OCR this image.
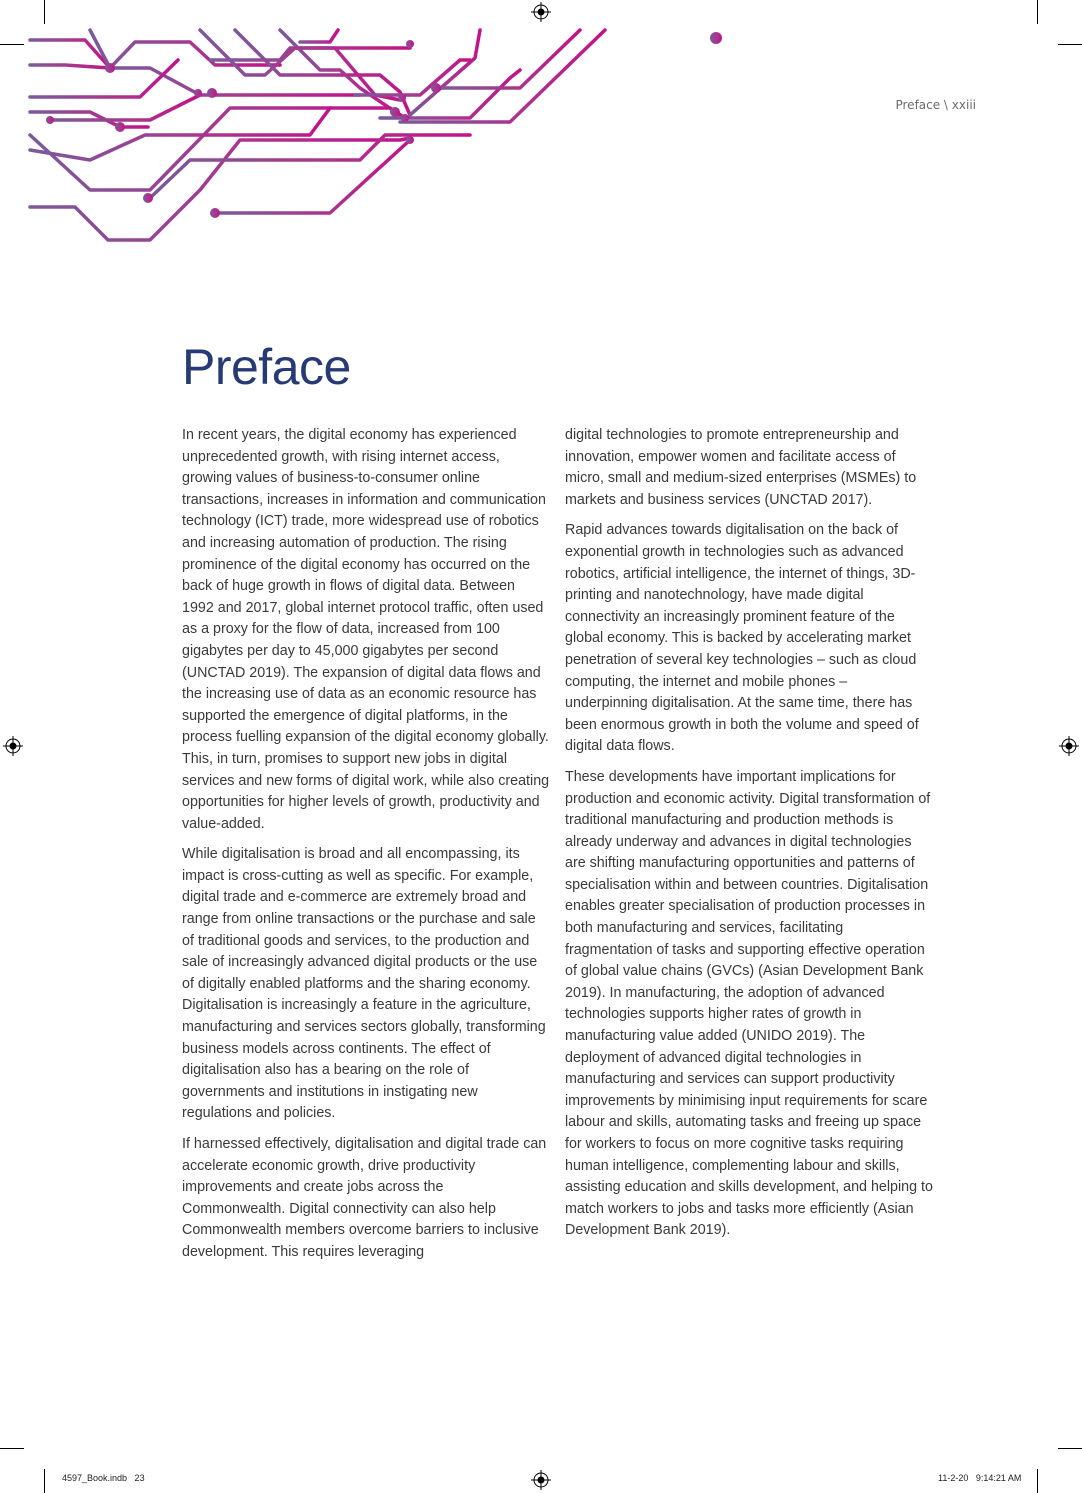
Preface \ xxiii
Preface

In recent years, the digital economy has experienced unprecedented growth, with rising internet access, growing values of business-to-consumer online transactions, increases in information and communication technology (ICT) trade, more widespread use of robotics and increasing automation of production. The rising prominence of the digital economy has occurred on the back of huge growth in flows of digital data. Between 1992 and 2017, global internet protocol traffic, often used as a proxy for the flow of data, increased from 100 gigabytes per day to 45,000 gigabytes per second (UNCTAD 2019). The expansion of digital data flows and the increasing use of data as an economic resource has supported the emergence of digital platforms, in the process fuelling expansion of the digital economy globally. This, in turn, promises to support new jobs in digital services and new forms of digital work, while also creating opportunities for higher levels of growth, productivity and value-added.

While digitalisation is broad and all encompassing, its impact is cross-cutting as well as specific. For example, digital trade and e-commerce are extremely broad and range from online transactions or the purchase and sale of traditional goods and services, to the production and sale of increasingly advanced digital products or the use of digitally enabled platforms and the sharing economy. Digitalisation is increasingly a feature in the agriculture, manufacturing and services sectors globally, transforming business models across continents. The effect of digitalisation also has a bearing on the role of governments and institutions in instigating new regulations and policies.

If harnessed effectively, digitalisation and digital trade can accelerate economic growth, drive productivity improvements and create jobs across the Commonwealth. Digital connectivity can also help Commonwealth members overcome barriers to inclusive development. This requires leveraging

digital technologies to promote entrepreneurship and innovation, empower women and facilitate access of micro, small and medium-sized enterprises (MSMEs) to markets and business services (UNCTAD 2017).

Rapid advances towards digitalisation on the back of exponential growth in technologies such as advanced robotics, artificial intelligence, the internet of things, 3D-printing and nanotechnology, have made digital connectivity an increasingly prominent feature of the global economy. This is backed by accelerating market penetration of several key technologies – such as cloud computing, the internet and mobile phones – underpinning digitalisation. At the same time, there has been enormous growth in both the volume and speed of digital data flows.

These developments have important implications for production and economic activity. Digital transformation of traditional manufacturing and production methods is already underway and advances in digital technologies are shifting manufacturing opportunities and patterns of specialisation within and between countries. Digitalisation enables greater specialisation of production processes in both manufacturing and services, facilitating fragmentation of tasks and supporting effective operation of global value chains (GVCs) (Asian Development Bank 2019). In manufacturing, the adoption of advanced technologies supports higher rates of growth in manufacturing value added (UNIDO 2019). The deployment of advanced digital technologies in manufacturing and services can support productivity improvements by minimising input requirements for scare labour and skills, automating tasks and freeing up space for workers to focus on more cognitive tasks requiring human intelligence, complementing labour and skills, assisting education and skills development, and helping to match workers to jobs and tasks more efficiently (Asian Development Bank 2019).

4597_Book.indb   23	11-2-20   9:14:21 AM
